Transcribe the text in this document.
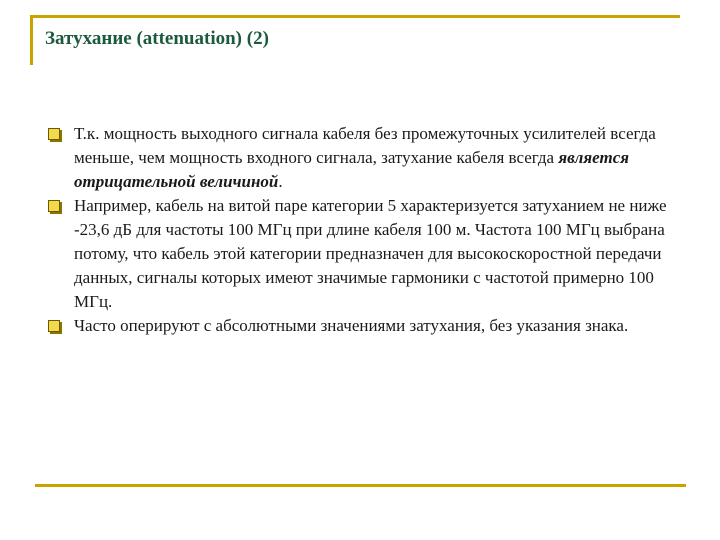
Затухание (attenuation) (2)
Т.к. мощность выходного сигнала кабеля без промежуточных усилителей всегда меньше, чем мощность входного сигнала, затухание кабеля всегда является отрицательной величиной.
Например, кабель на витой паре категории 5 характеризуется затуханием не ниже -23,6 дБ для частоты 100 МГц при длине кабеля 100 м. Частота 100 МГц выбрана потому, что кабель этой категории предназначен для высокоскоростной передачи данных, сигналы которых имеют значимые гармоники с частотой примерно 100 МГц.
Часто оперируют с абсолютными значениями затухания, без указания знака.
